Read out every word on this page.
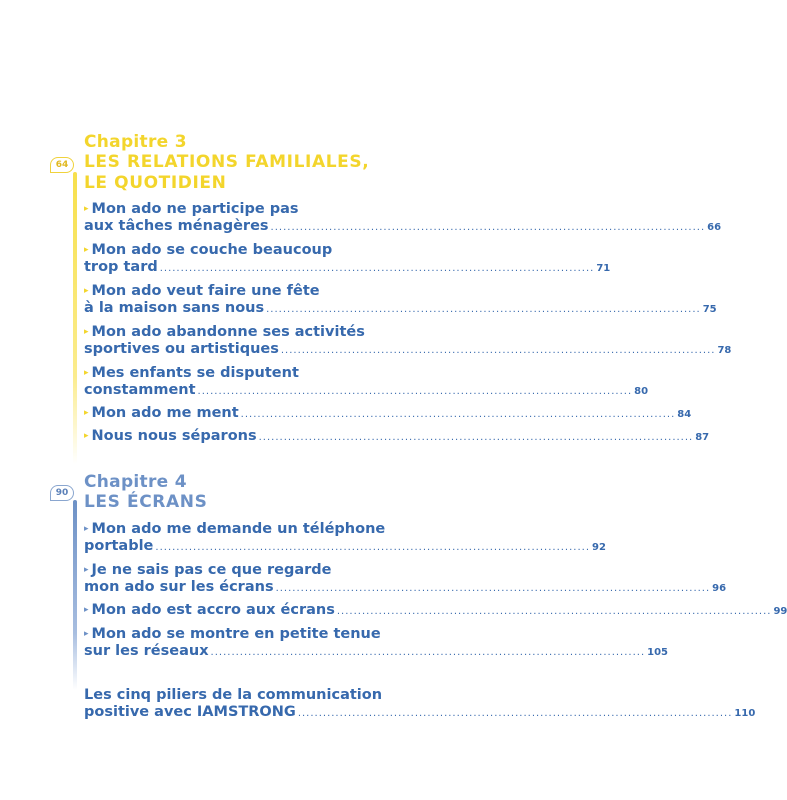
64
Chapitre 3
LES RELATIONS FAMILIALES,
LE QUOTIDIEN
▸ Mon ado ne participe pas
aux tâches ménagères ........................................................................................................ 66
▸ Mon ado se couche beaucoup
trop tard ........................................................................................................ 71
▸ Mon ado veut faire une fête
à la maison sans nous ........................................................................................................ 75
▸ Mon ado abandonne ses activités
sportives ou artistiques ........................................................................................................ 78
▸ Mes enfants se disputent
constamment ........................................................................................................ 80
▸ Mon ado me ment ........................................................................................................ 84
▸ Nous nous séparons ........................................................................................................ 87
90
Chapitre 4
LES ÉCRANS
▸ Mon ado me demande un téléphone
portable ........................................................................................................ 92
▸ Je ne sais pas ce que regarde
mon ado sur les écrans ........................................................................................................ 96
▸ Mon ado est accro aux écrans ........................................................................................................ 99
▸ Mon ado se montre en petite tenue
sur les réseaux ........................................................................................................ 105
Les cinq piliers de la communication
positive avec IAMSTRONG ........................................................................................................ 110
